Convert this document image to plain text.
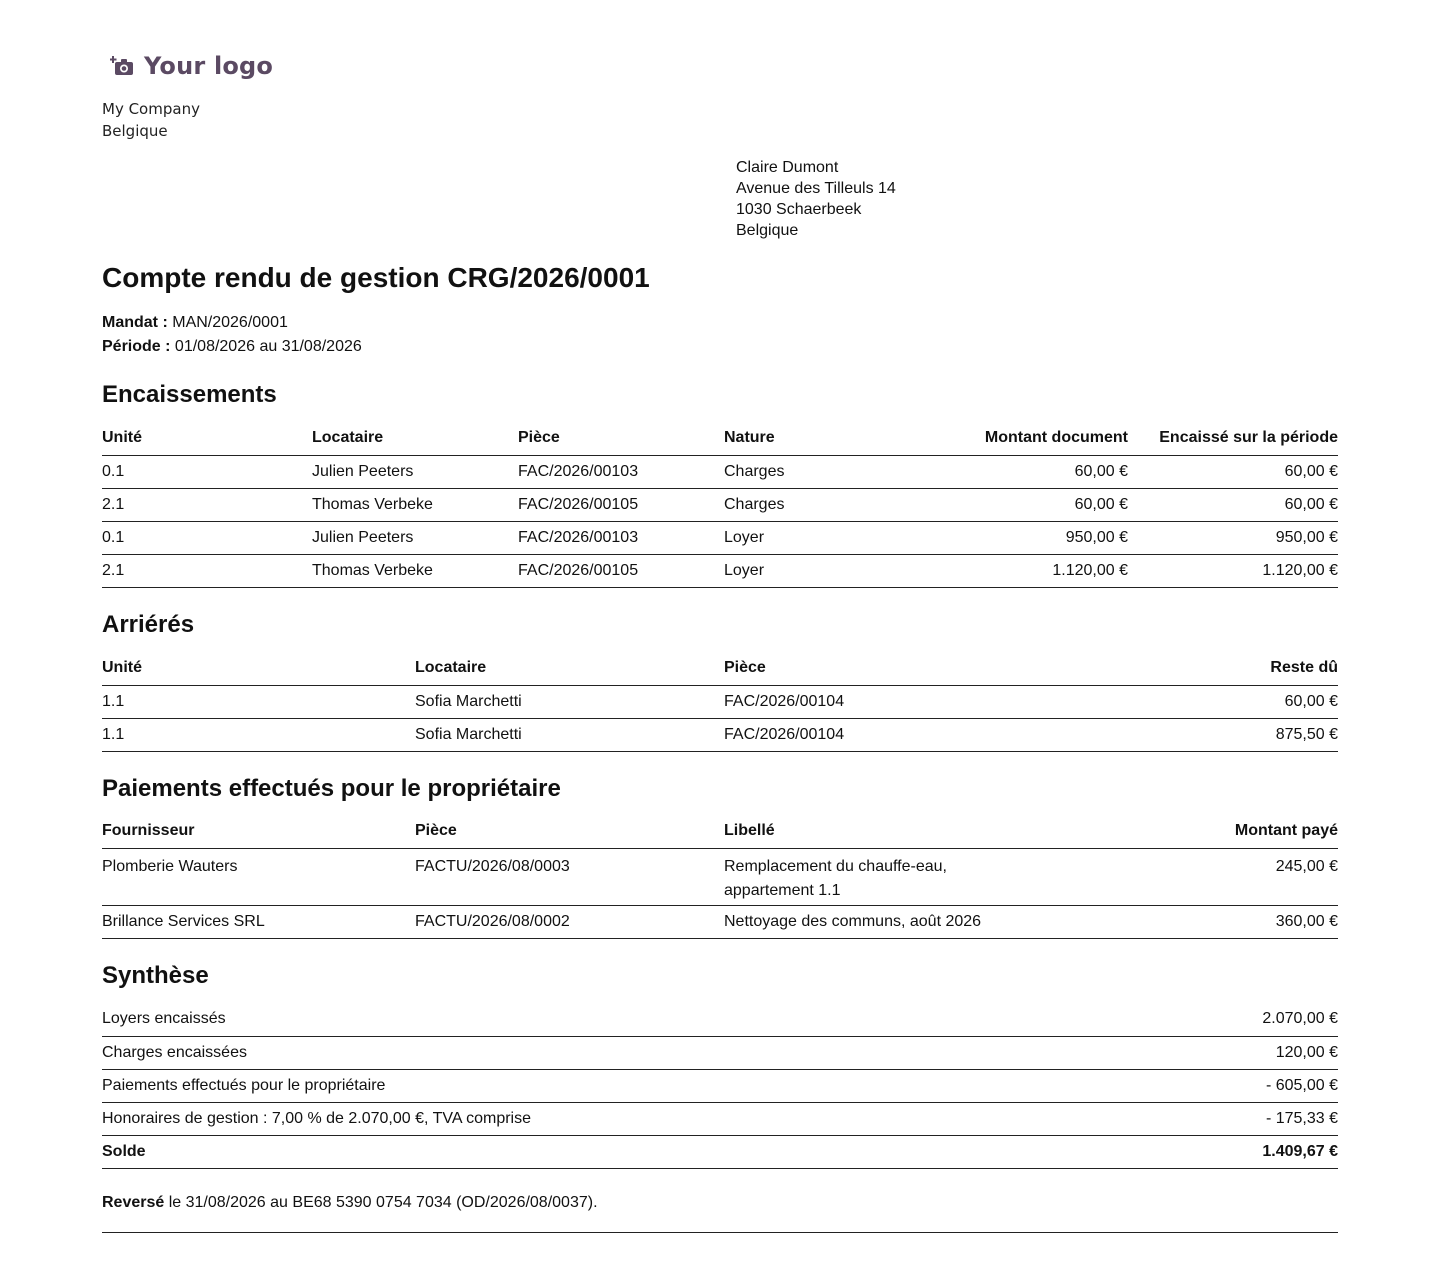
Your logo
My Company
Belgique
Claire Dumont
Avenue des Tilleuls 14
1030 Schaerbeek
Belgique
Compte rendu de gestion CRG/2026/0001
Mandat : MAN/2026/0001
Période : 01/08/2026 au 31/08/2026
Encaissements
Unité	Locataire	Pièce	Nature	Montant document	Encaissé sur la période
0.1	Julien Peeters	FAC/2026/00103	Charges	60,00 €	60,00 €
2.1	Thomas Verbeke	FAC/2026/00105	Charges	60,00 €	60,00 €
0.1	Julien Peeters	FAC/2026/00103	Loyer	950,00 €	950,00 €
2.1	Thomas Verbeke	FAC/2026/00105	Loyer	1.120,00 €	1.120,00 €
Arriérés
Unité	Locataire	Pièce	Reste dû
1.1	Sofia Marchetti	FAC/2026/00104	60,00 €
1.1	Sofia Marchetti	FAC/2026/00104	875,50 €
Paiements effectués pour le propriétaire
Fournisseur	Pièce	Libellé	Montant payé
Plomberie Wauters	FACTU/2026/08/0003	Remplacement du chauffe-eau,
appartement 1.1	245,00 €
Brillance Services SRL	FACTU/2026/08/0002	Nettoyage des communs, août 2026	360,00 €
Synthèse
Loyers encaissés	2.070,00 €
Charges encaissées	120,00 €
Paiements effectués pour le propriétaire	- 605,00 €
Honoraires de gestion : 7,00 % de 2.070,00 €, TVA comprise	- 175,33 €
Solde	1.409,67 €
Reversé le 31/08/2026 au BE68 5390 0754 7034 (OD/2026/08/0037).
